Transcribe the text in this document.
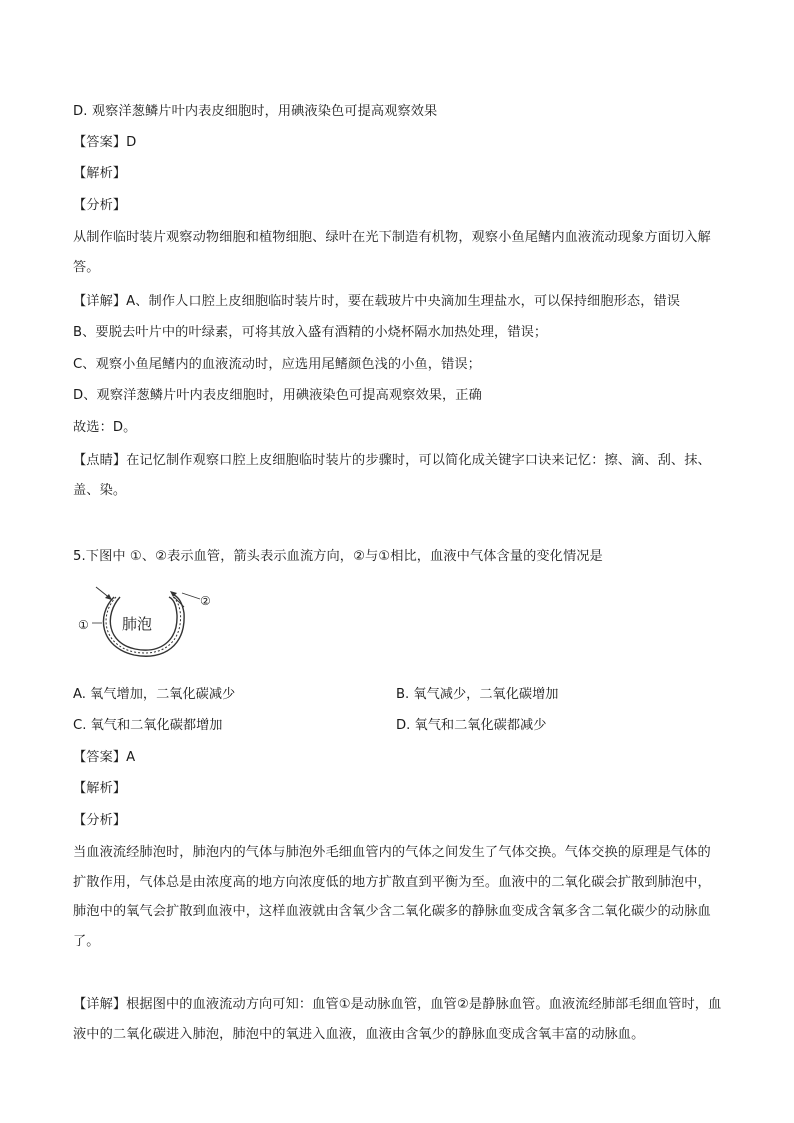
D. 观察洋葱鳞片叶内表皮细胞时，用碘液染色可提高观察效果
【答案】D
【解析】
【分析】
从制作临时装片观察动物细胞和植物细胞、绿叶在光下制造有机物，观察小鱼尾鳍内血液流动现象方面切入解答。
【详解】A、制作人口腔上皮细胞临时装片时，要在载玻片中央滴加生理盐水，可以保持细胞形态，错误
B、要脱去叶片中的叶绿素，可将其放入盛有酒精的小烧杯隔水加热处理，错误；
C、观察小鱼尾鳍内的血液流动时，应选用尾鳍颜色浅的小鱼，错误；
D、观察洋葱鳞片叶内表皮细胞时，用碘液染色可提高观察效果，正确
故选：D。
【点睛】在记忆制作观察口腔上皮细胞临时装片的步骤时，可以简化成关键字口诀来记忆：擦、滴、刮、抹、盖、染。
5.下图中 ①、②表示血管，箭头表示血流方向，②与①相比，血液中气体含量的变化情况是
肺泡
①
②
A. 氧气增加，二氧化碳减少	B. 氧气减少，二氧化碳增加
C. 氧气和二氧化碳都增加	D. 氧气和二氧化碳都减少
【答案】A
【解析】
【分析】
当血液流经肺泡时，肺泡内的气体与肺泡外毛细血管内的气体之间发生了气体交换。气体交换的原理是气体的扩散作用，气体总是由浓度高的地方向浓度低的地方扩散直到平衡为至。血液中的二氧化碳会扩散到肺泡中，肺泡中的氧气会扩散到血液中，这样血液就由含氧少含二氧化碳多的静脉血变成含氧多含二氧化碳少的动脉血了。
【详解】根据图中的血液流动方向可知：血管①是动脉血管，血管②是静脉血管。血液流经肺部毛细血管时，血液中的二氧化碳进入肺泡，肺泡中的氧进入血液，血液由含氧少的静脉血变成含氧丰富的动脉血。
